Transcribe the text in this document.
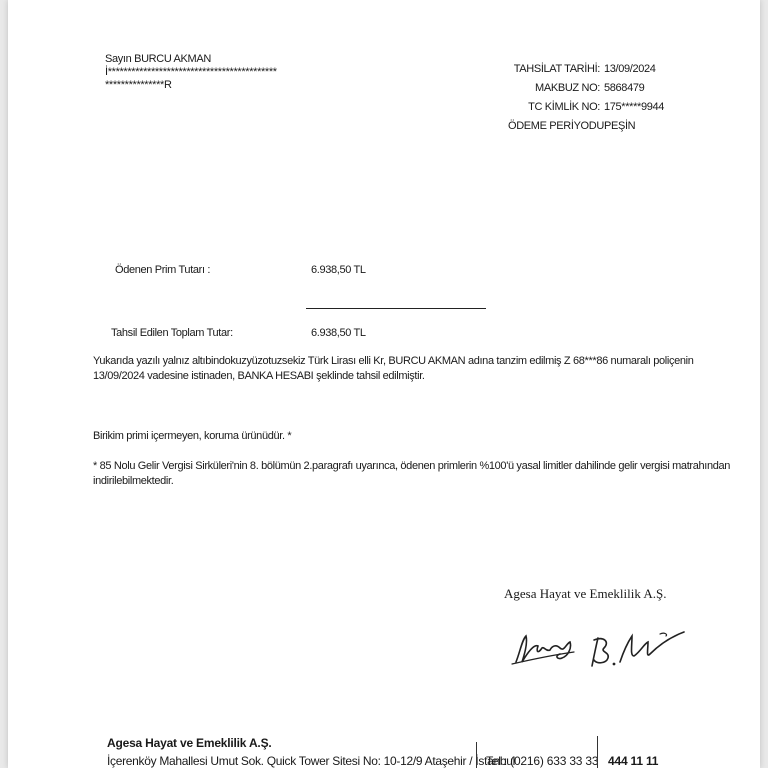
Sayın BURCU AKMAN
İ*******************************************
***************R
TAHSİLAT TARİHİ:
MAKBUZ NO:
TC KİMLİK NO:
ÖDEME PERİYODU:
13/09/2024
5868479
175*****9944
PEŞİN
Ödenen Prim Tutarı :	6.938,50 TL
Tahsil Edilen Toplam Tutar:	6.938,50 TL
Yukarıda yazılı yalnız altıbindokuzyüzotuzsekiz Türk Lirası elli Kr, BURCU AKMAN adına tanzim edilmiş Z 68***86 numaralı poliçenin 13/09/2024 vadesine istinaden, BANKA HESABI şeklinde tahsil edilmiştir.
Birikim primi içermeyen, koruma ürünüdür. *
* 85 Nolu Gelir Vergisi Sirküleri'nin 8. bölümün 2.paragrafı uyarınca, ödenen primlerin %100'ü yasal limitler dahilinde gelir vergisi matrahından indirilebilmektedir.
Agesa Hayat ve Emeklilik A.Ş.
Agesa Hayat ve Emeklilik A.Ş.
İçerenköy Mahallesi Umut Sok. Quick Tower Sitesi No: 10-12/9 Ataşehir / İstanbul
Tel : (0216) 633 33 33 444 11 11
